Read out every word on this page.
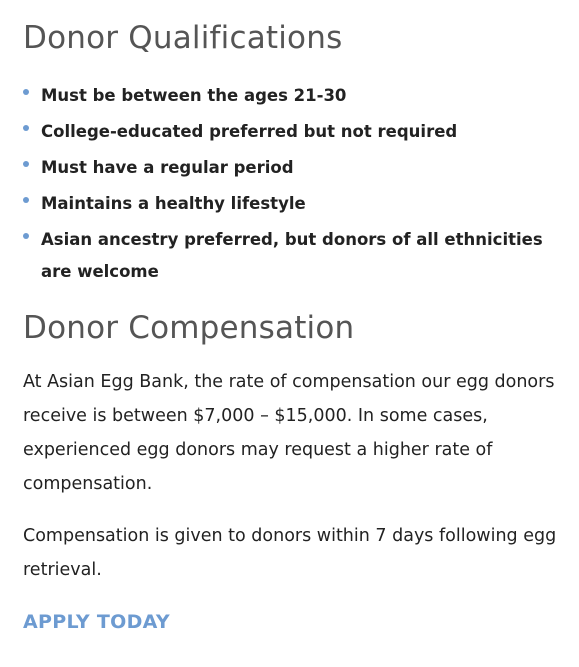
Donor Qualifications
Must be between the ages 21-30
College-educated preferred but not required
Must have a regular period
Maintains a healthy lifestyle
Asian ancestry preferred, but donors of all ethnicities are welcome
Donor Compensation

At Asian Egg Bank, the rate of compensation our egg donors receive is between $7,000 – $15,000. In some cases, experienced egg donors may request a higher rate of compensation.

Compensation is given to donors within 7 days following egg retrieval.

APPLY TODAY
